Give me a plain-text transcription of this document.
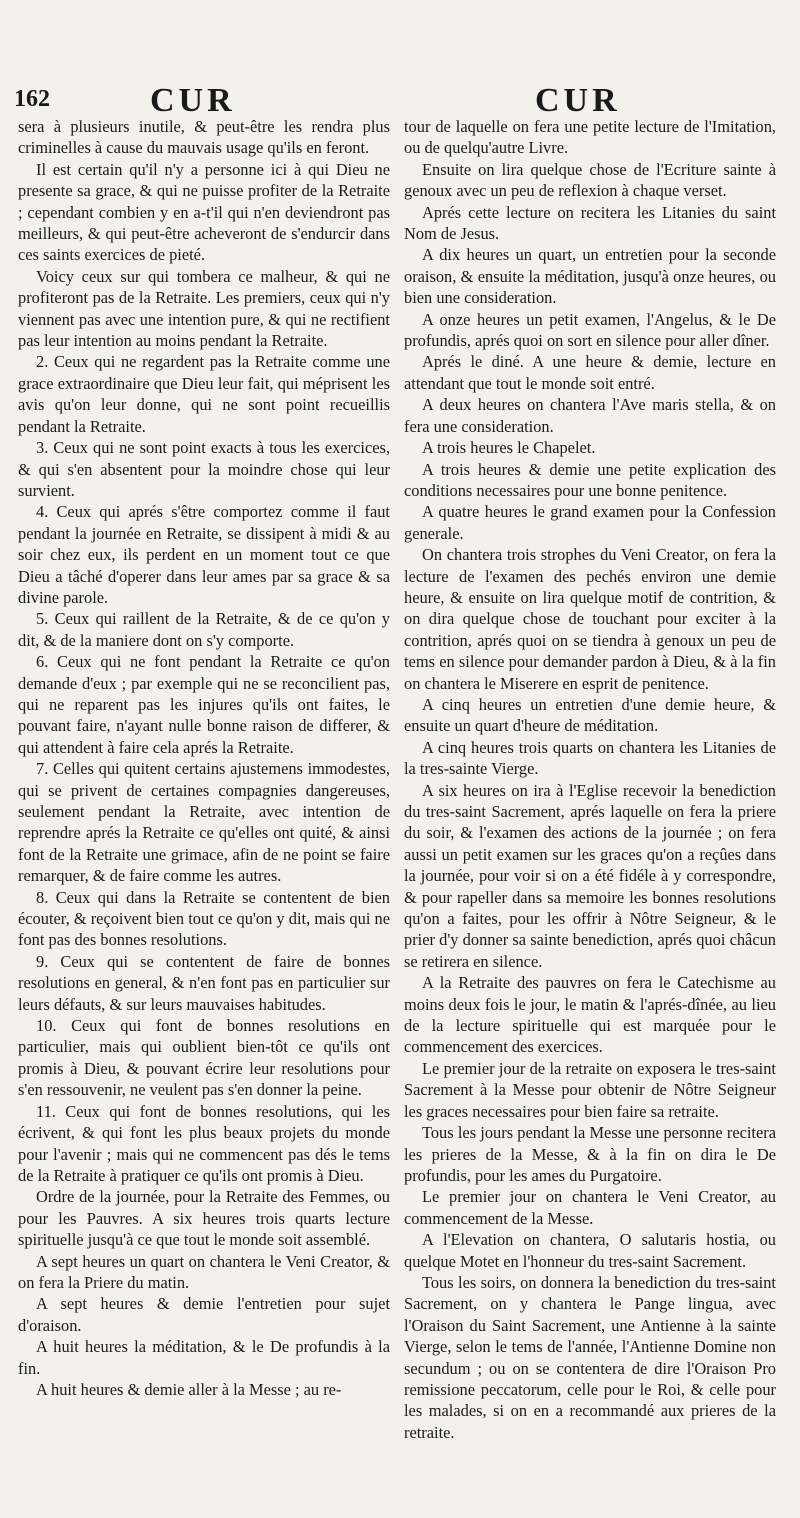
162	CUR	CUR

sera à plusieurs inutile, & peut-être les rendra plus criminelles à cause du mauvais usage qu'ils en feront.

Il est certain qu'il n'y a personne ici à qui Dieu ne presente sa grace, & qui ne puisse profiter de la Retraite ; cependant combien y en a-t'il qui n'en deviendront pas meilleurs, & qui peut-être acheveront de s'endurcir dans ces saints exercices de pieté.

Voicy ceux sur qui tombera ce malheur, & qui ne profiteront pas de la Retraite. Les premiers, ceux qui n'y viennent pas avec une intention pure, & qui ne rectifient pas leur intention au moins pendant la Retraite.

2. Ceux qui ne regardent pas la Retraite comme une grace extraordinaire que Dieu leur fait, qui méprisent les avis qu'on leur donne, qui ne sont point recueillis pendant la Retraite.

3. Ceux qui ne sont point exacts à tous les exercices, & qui s'en absentent pour la moindre chose qui leur survient.

4. Ceux qui aprés s'être comportez comme il faut pendant la journée en Retraite, se dissipent à midi & au soir chez eux, ils perdent en un moment tout ce que Dieu a tâché d'operer dans leur ames par sa grace & sa divine parole.

5. Ceux qui raillent de la Retraite, & de ce qu'on y dit, & de la maniere dont on s'y comporte.

6. Ceux qui ne font pendant la Retraite ce qu'on demande d'eux ; par exemple qui ne se reconcilient pas, qui ne reparent pas les injures qu'ils ont faites, le pouvant faire, n'ayant nulle bonne raison de differer, & qui attendent à faire cela aprés la Retraite.

7. Celles qui quitent certains ajustemens immodestes, qui se privent de certaines compagnies dangereuses, seulement pendant la Retraite, avec intention de reprendre aprés la Retraite ce qu'elles ont quité, & ainsi font de la Retraite une grimace, afin de ne point se faire remarquer, & de faire comme les autres.

8. Ceux qui dans la Retraite se contentent de bien écouter, & reçoivent bien tout ce qu'on y dit, mais qui ne font pas des bonnes resolutions.

9. Ceux qui se contentent de faire de bonnes resolutions en general, & n'en font pas en particulier sur leurs défauts, & sur leurs mauvaises habitudes.

10. Ceux qui font de bonnes resolutions en particulier, mais qui oublient bien-tôt ce qu'ils ont promis à Dieu, & pouvant écrire leur resolutions pour s'en ressouvenir, ne veulent pas s'en donner la peine.

11. Ceux qui font de bonnes resolutions, qui les écrivent, & qui font les plus beaux projets du monde pour l'avenir ; mais qui ne commencent pas dés le tems de la Retraite à pratiquer ce qu'ils ont promis à Dieu.

Ordre de la journée, pour la Retraite des Femmes, ou pour les Pauvres. A six heures trois quarts lecture spirituelle jusqu'à ce que tout le monde soit assemblé.

A sept heures un quart on chantera le Veni Creator, & on fera la Priere du matin.

A sept heures & demie l'entretien pour sujet d'oraison.

A huit heures la méditation, & le De profundis à la fin.

A huit heures & demie aller à la Messe ; au re-

tour de laquelle on fera une petite lecture de l'Imitation, ou de quelqu'autre Livre.

Ensuite on lira quelque chose de l'Ecriture sainte à genoux avec un peu de reflexion à chaque verset.

Aprés cette lecture on recitera les Litanies du saint Nom de Jesus.

A dix heures un quart, un entretien pour la seconde oraison, & ensuite la méditation, jusqu'à onze heures, ou bien une consideration.

A onze heures un petit examen, l'Angelus, & le De profundis, aprés quoi on sort en silence pour aller dîner.

Aprés le diné. A une heure & demie, lecture en attendant que tout le monde soit entré.

A deux heures on chantera l'Ave maris stella, & on fera une consideration.

A trois heures le Chapelet.

A trois heures & demie une petite explication des conditions necessaires pour une bonne penitence.

A quatre heures le grand examen pour la Confession generale.

On chantera trois strophes du Veni Creator, on fera la lecture de l'examen des pechés environ une demie heure, & ensuite on lira quelque motif de contrition, & on dira quelque chose de touchant pour exciter à la contrition, aprés quoi on se tiendra à genoux un peu de tems en silence pour demander pardon à Dieu, & à la fin on chantera le Miserere en esprit de penitence.

A cinq heures un entretien d'une demie heure, & ensuite un quart d'heure de méditation.

A cinq heures trois quarts on chantera les Litanies de la tres-sainte Vierge.

A six heures on ira à l'Eglise recevoir la benediction du tres-saint Sacrement, aprés laquelle on fera la priere du soir, & l'examen des actions de la journée ; on fera aussi un petit examen sur les graces qu'on a reçûes dans la journée, pour voir si on a été fidéle à y correspondre, & pour rapeller dans sa memoire les bonnes resolutions qu'on a faites, pour les offrir à Nôtre Seigneur, & le prier d'y donner sa sainte benediction, aprés quoi châcun se retirera en silence.

A la Retraite des pauvres on fera le Catechisme au moins deux fois le jour, le matin & l'aprés-dînée, au lieu de la lecture spirituelle qui est marquée pour le commencement des exercices.

Le premier jour de la retraite on exposera le tres-saint Sacrement à la Messe pour obtenir de Nôtre Seigneur les graces necessaires pour bien faire sa retraite.

Tous les jours pendant la Messe une personne recitera les prieres de la Messe, & à la fin on dira le De profundis, pour les ames du Purgatoire.

Le premier jour on chantera le Veni Creator, au commencement de la Messe.

A l'Elevation on chantera, O salutaris hostia, ou quelque Motet en l'honneur du tres-saint Sacrement.

Tous les soirs, on donnera la benediction du tres-saint Sacrement, on y chantera le Pange lingua, avec l'Oraison du Saint Sacrement, une Antienne à la sainte Vierge, selon le tems de l'année, l'Antienne Domine non secundum ; ou on se contentera de dire l'Oraison Pro remissione peccatorum, celle pour le Roi, & celle pour les malades, si on en a recommandé aux prieres de la retraite.
